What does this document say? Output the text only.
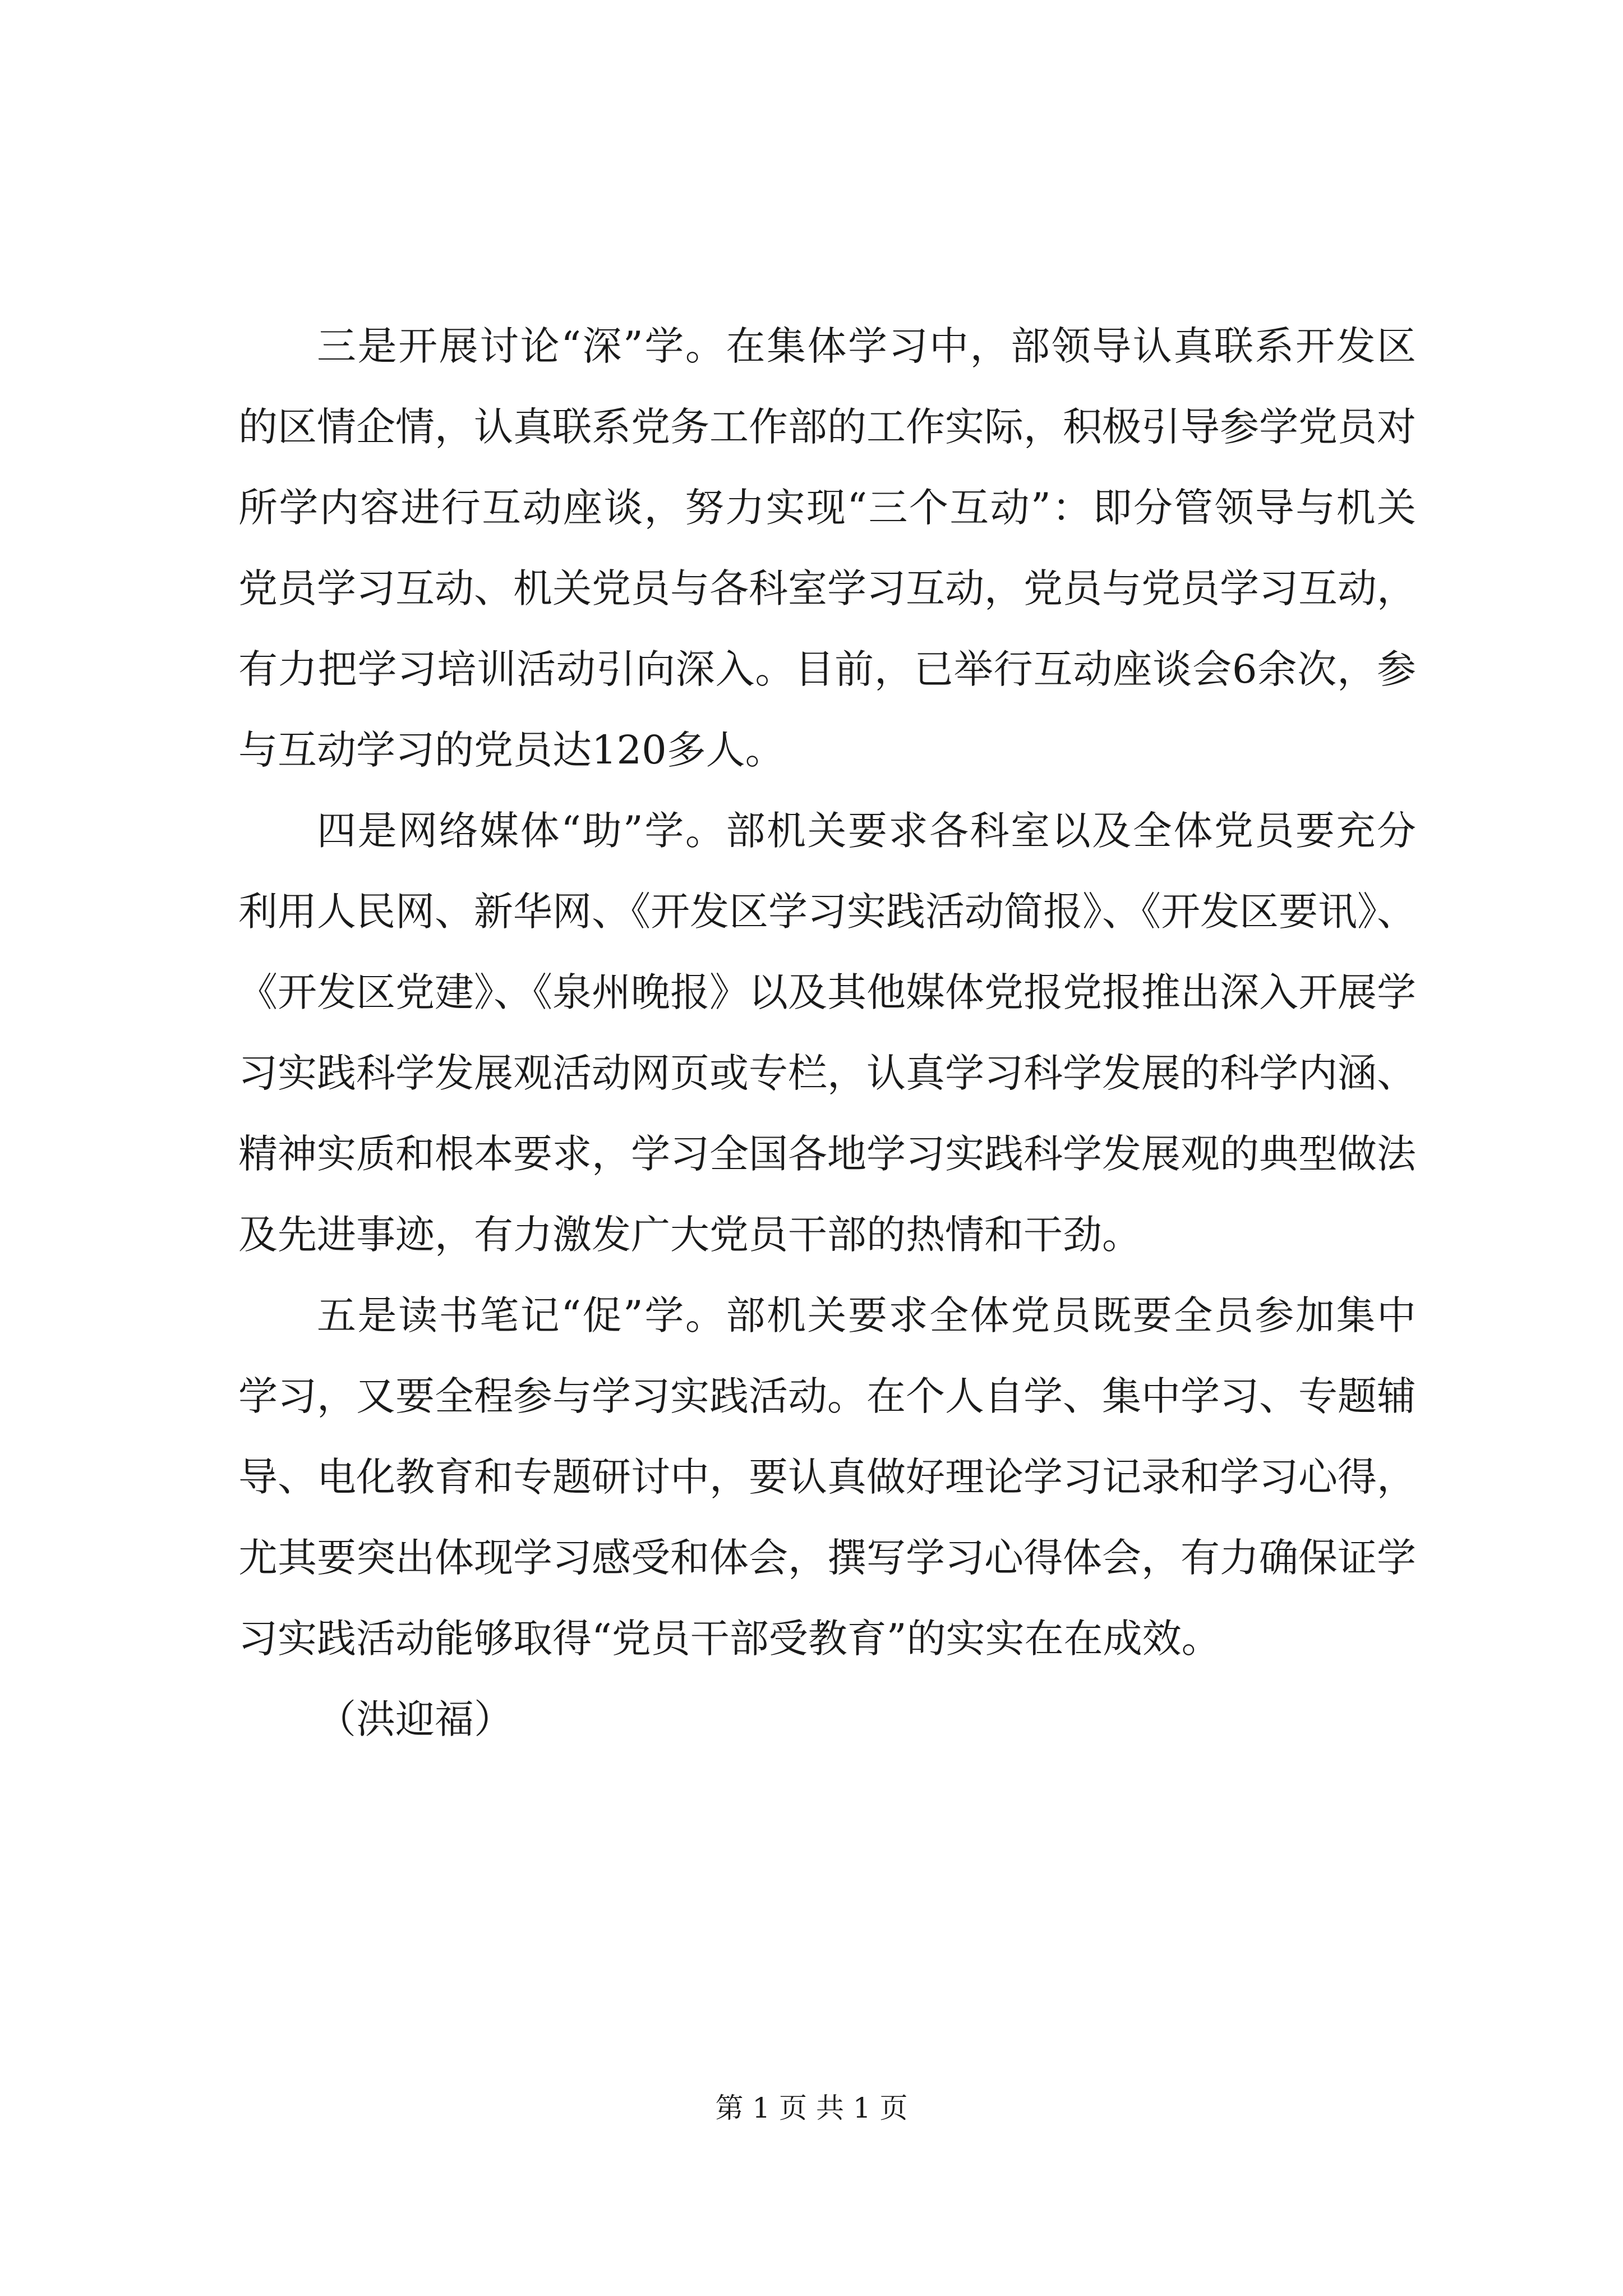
三是开展讨论“深”学。在集体学习中，部领导认真联系开发区的区情企情，认真联系党务工作部的工作实际，积极引导参学党员对所学内容进行互动座谈，努力实现“三个互动”：即分管领导与机关党员学习互动、机关党员与各科室学习互动，党员与党员学习互动，有力把学习培训活动引向深入。目前，已举行互动座谈会6余次，参与互动学习的党员达120多人。

四是网络媒体“助”学。部机关要求各科室以及全体党员要充分利用人民网、新华网、《开发区学习实践活动简报》、《开发区要讯》、《开发区党建》、《泉州晚报》以及其他媒体党报党报推出深入开展学习实践科学发展观活动网页或专栏，认真学习科学发展的科学内涵、精神实质和根本要求，学习全国各地学习实践科学发展观的典型做法及先进事迹，有力激发广大党员干部的热情和干劲。

五是读书笔记“促”学。部机关要求全体党员既要全员参加集中学习，又要全程参与学习实践活动。在个人自学、集中学习、专题辅导、电化教育和专题研讨中，要认真做好理论学习记录和学习心得，尤其要突出体现学习感受和体会，撰写学习心得体会，有力确保证学习实践活动能够取得“党员干部受教育”的实实在在成效。

（洪迎福）

第 1 页 共 1 页
